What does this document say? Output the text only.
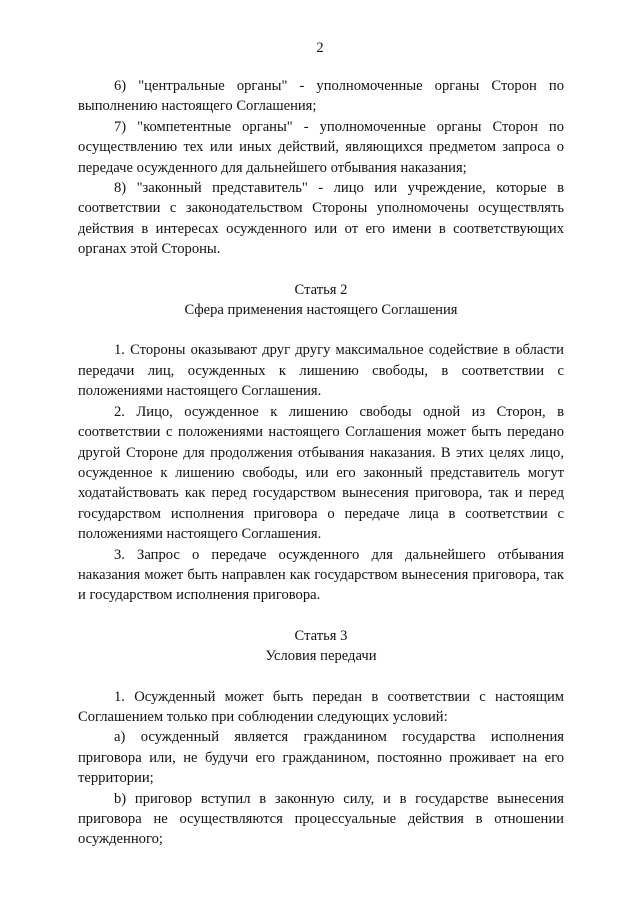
2

6) "центральные органы" - уполномоченные органы Сторон по выполнению настоящего Соглашения;

7) "компетентные органы" - уполномоченные органы Сторон по осуществлению тех или иных действий, являющихся предметом запроса о передаче осужденного для дальнейшего отбывания наказания;

8) "законный представитель" - лицо или учреждение, которые в соответствии с законодательством Стороны уполномочены осуществлять действия в интересах осужденного или от его имени в соответствующих органах этой Стороны.

Статья 2

Сфера применения настоящего Соглашения

1. Стороны оказывают друг другу максимальное содействие в области передачи лиц, осужденных к лишению свободы, в соответствии с положениями настоящего Соглашения.

2. Лицо, осужденное к лишению свободы одной из Сторон, в соответствии с положениями настоящего Соглашения может быть передано другой Стороне для продолжения отбывания наказания. В этих целях лицо, осужденное к лишению свободы, или его законный представитель могут ходатайствовать как перед государством вынесения приговора, так и перед государством исполнения приговора о передаче лица в соответствии с положениями настоящего Соглашения.

3. Запрос о передаче осужденного для дальнейшего отбывания наказания может быть направлен как государством вынесения приговора, так и государством исполнения приговора.

Статья 3

Условия передачи

1. Осужденный может быть передан в соответствии с настоящим Соглашением только при соблюдении следующих условий:

a) осужденный является гражданином государства исполнения приговора или, не будучи его гражданином, постоянно проживает на его территории;

b) приговор вступил в законную силу, и в государстве вынесения приговора не осуществляются процессуальные действия в отношении осужденного;
